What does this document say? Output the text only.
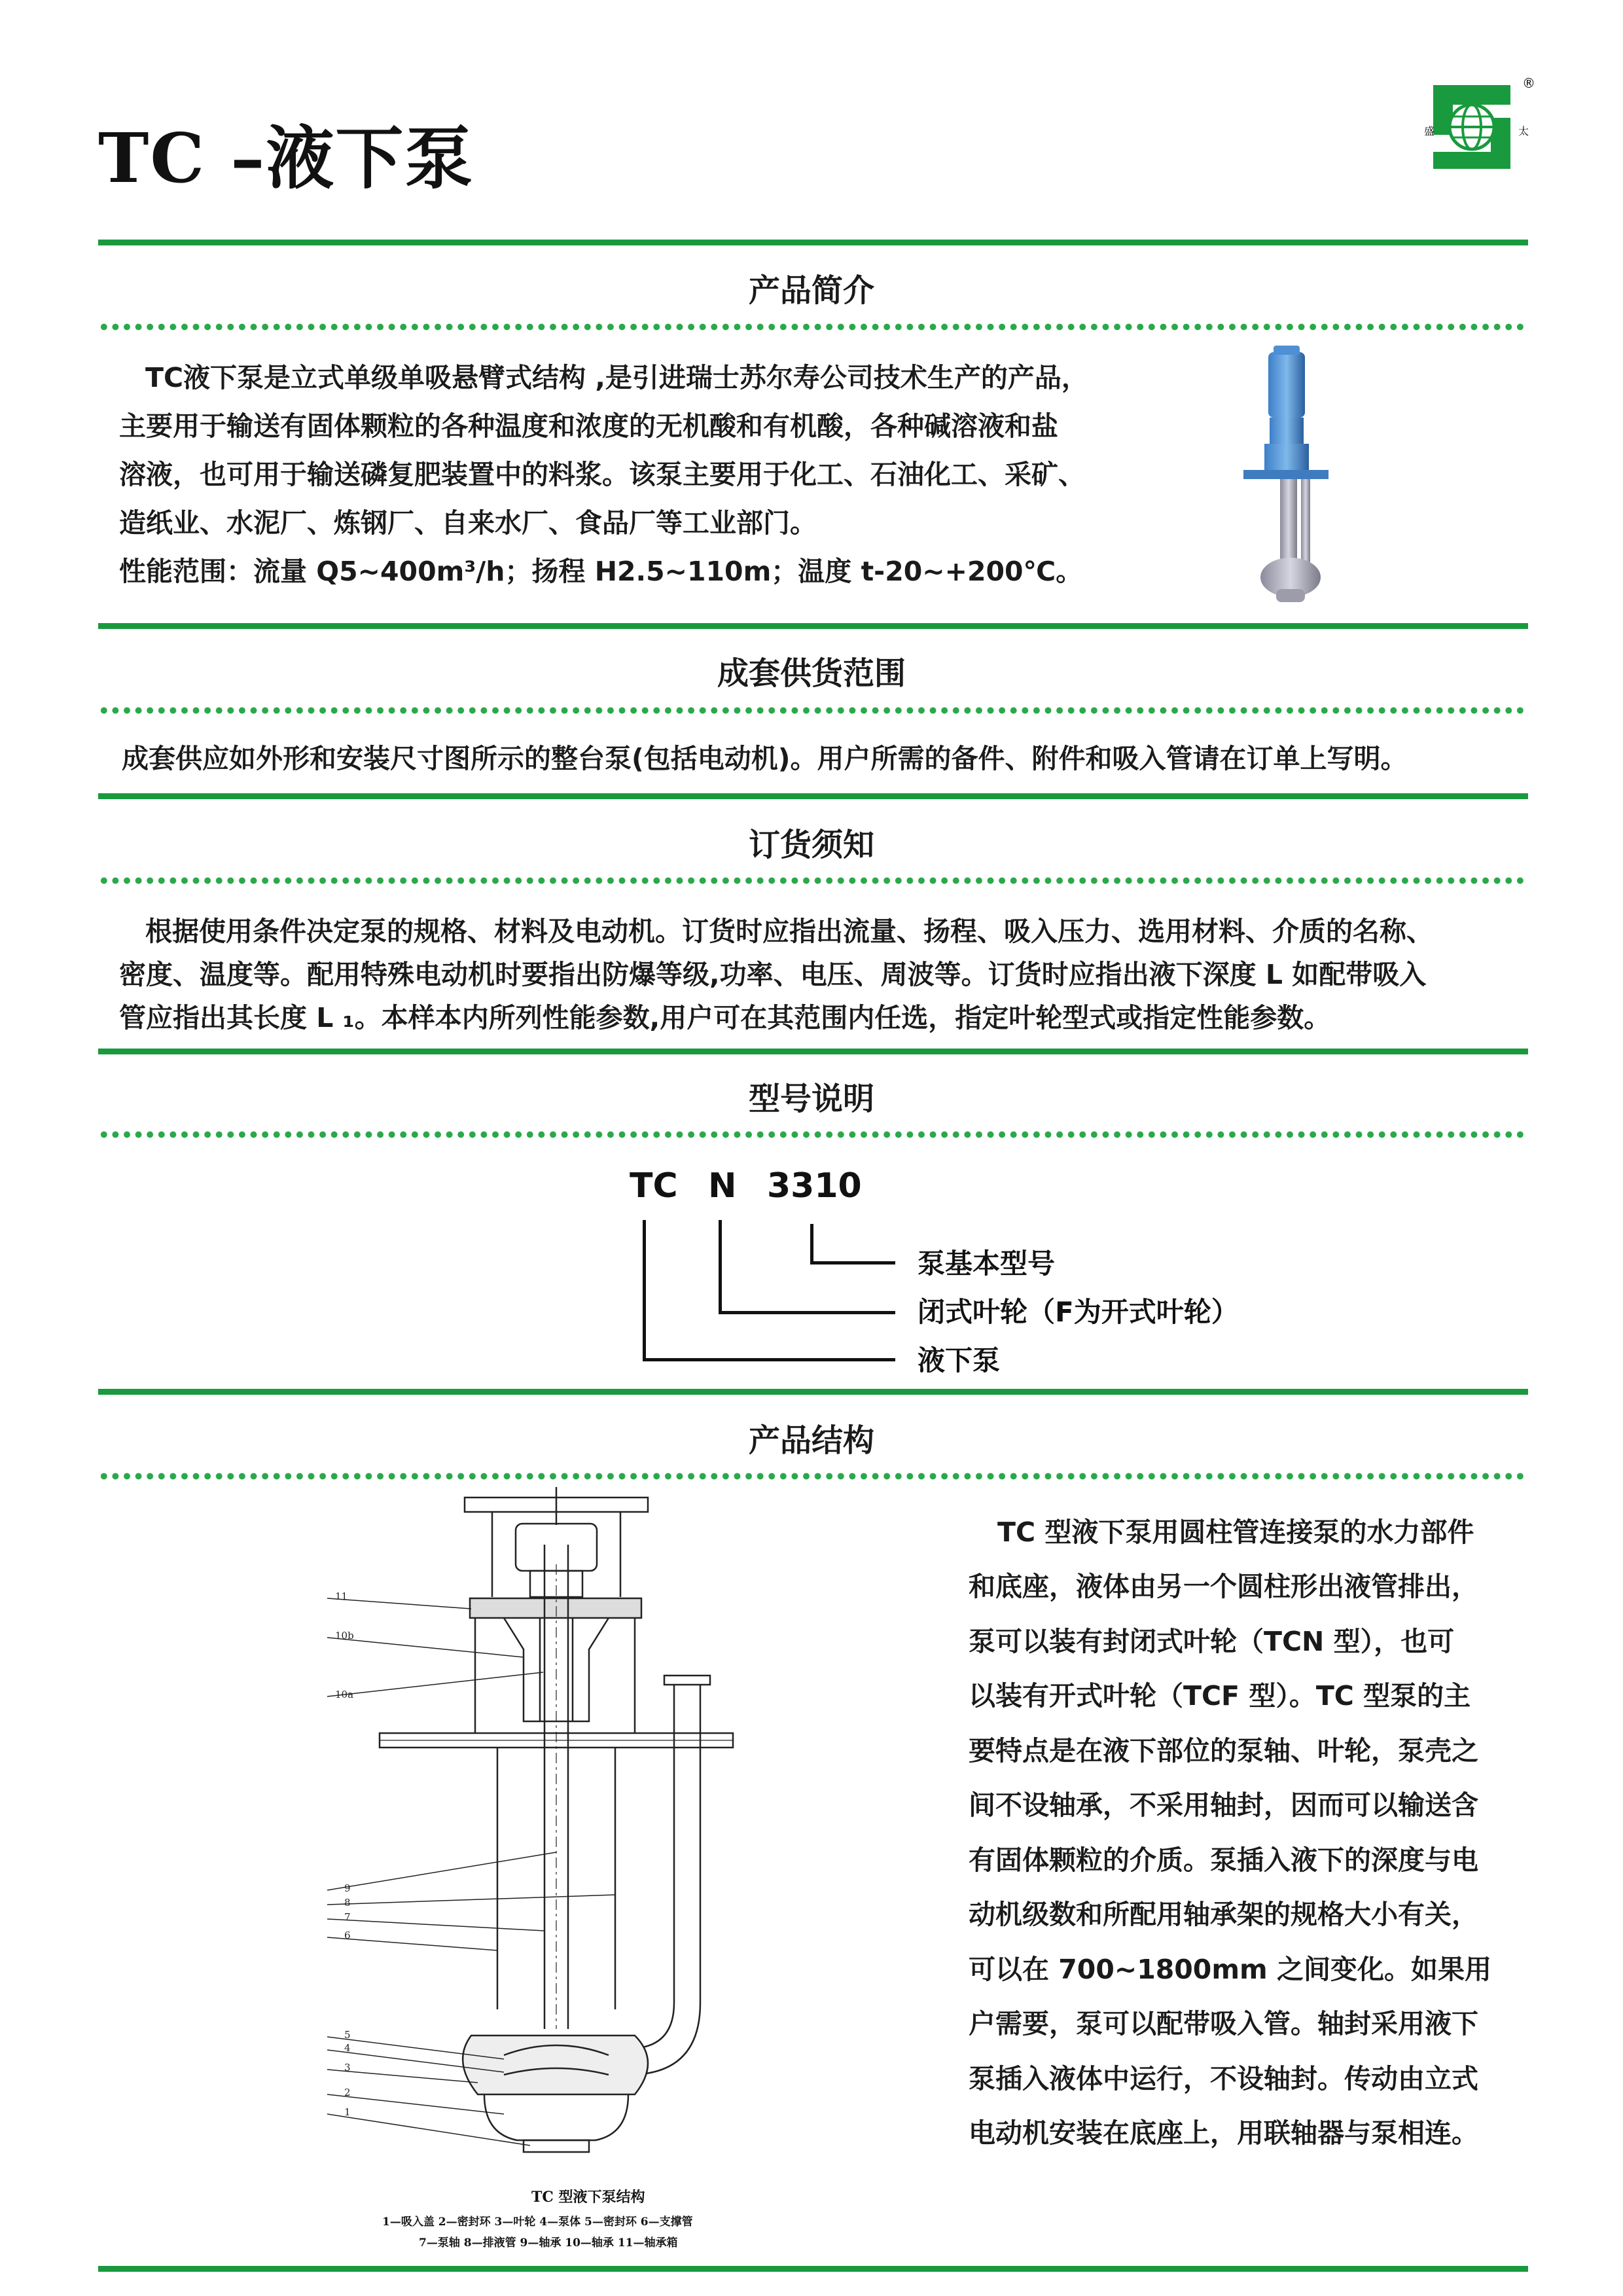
TC –液下泵	盛	太
®
产品简介
TC液下泵是立式单级单吸悬臂式结构 ,是引进瑞士苏尔寿公司技术生产的产品，
主要用于输送有固体颗粒的各种温度和浓度的无机酸和有机酸，各种碱溶液和盐
溶液，也可用于输送磷复肥装置中的料浆。该泵主要用于化工、石油化工、采矿、
造纸业、水泥厂、炼钢厂、自来水厂、食品厂等工业部门。
性能范围：流量 Q5~400m³/h；扬程 H2.5~110m；温度 t-20~+200℃。
成套供货范围
成套供应如外形和安装尺寸图所示的整台泵(包括电动机)。用户所需的备件、附件和吸入管请在订单上写明。
订货须知
根据使用条件决定泵的规格、材料及电动机。订货时应指出流量、扬程、吸入压力、选用材料、介质的名称、
密度、温度等。配用特殊电动机时要指出防爆等级,功率、电压、周波等。订货时应指出液下深度 L 如配带吸入
管应指出其长度 L ₁。本样本内所列性能参数,用户可在其范围内任选，指定叶轮型式或指定性能参数。
型号说明
TC N 3310
泵基本型号
闭式叶轮（F为开式叶轮）
液下泵
产品结构
TC 型液下泵用圆柱管连接泵的水力部件
和底座，液体由另一个圆柱形出液管排出，
泵可以装有封闭式叶轮（TCN 型），也可
以装有开式叶轮（TCF 型）。TC 型泵的主
要特点是在液下部位的泵轴、叶轮，泵壳之
间不设轴承，不采用轴封，因而可以输送含
有固体颗粒的介质。泵插入液下的深度与电
动机级数和所配用轴承架的规格大小有关，
可以在 700~1800mm 之间变化。如果用
户需要，泵可以配带吸入管。轴封采用液下
泵插入液体中运行，不设轴封。传动由立式
电动机安装在底座上，用联轴器与泵相连。
11
10b
10a
9
8
7
6
5
4
3
2
1
TC 型液下泵结构
1—吸入盖 2—密封环 3—叶轮 4—泵体 5—密封环 6—支撑管
7—泵轴 8—排液管 9—轴承 10—轴承 11—轴承箱
